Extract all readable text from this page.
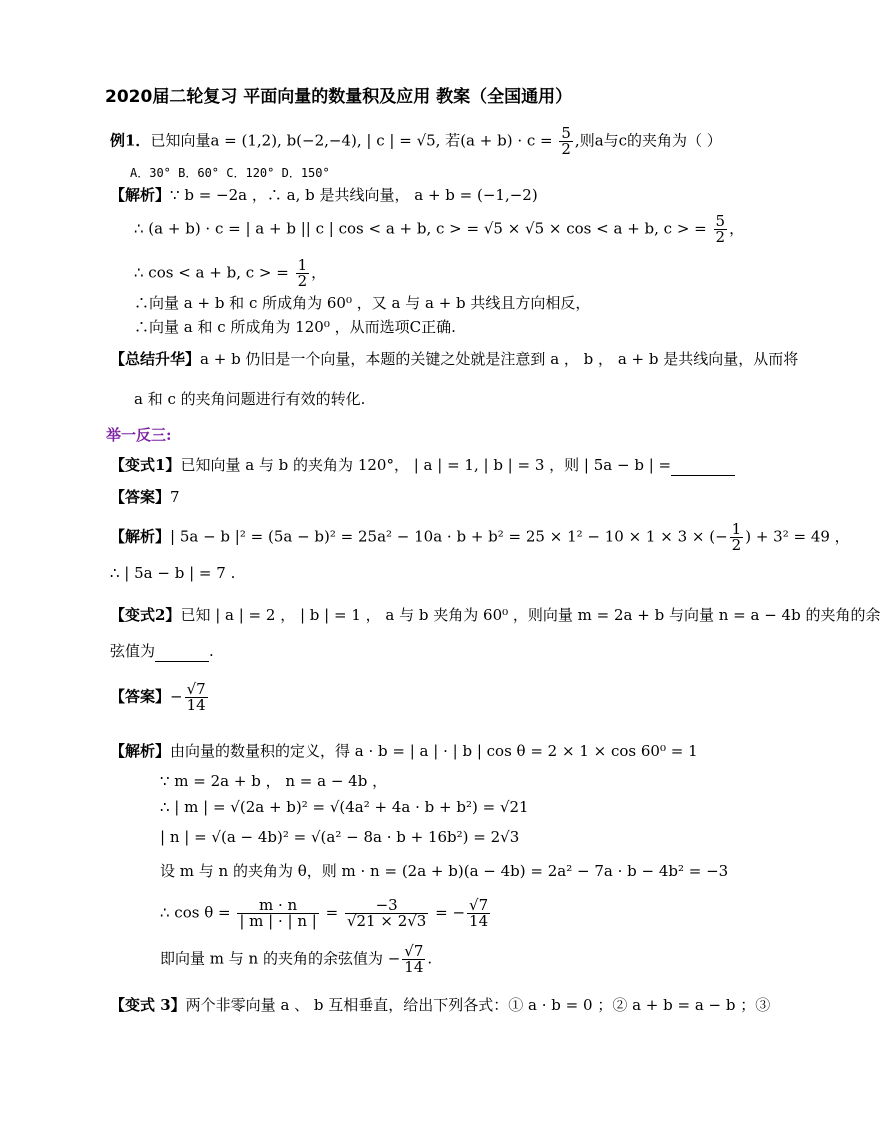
2020届二轮复习 平面向量的数量积及应用 教案（全国通用）
例1．已知向量a = (1,2), b(−2,−4), | c | = √5, 若$(a + b) \cdot c = \frac{5}{2}$ ,则a与c的夹角为（ ）
A．30° B．60° C．120° D．150°
【解析】∵ b = −2a ，∴ a, b 是共线向量， a + b = (−1,−2)
∴ (a + b) · c = | a + b || c | cos < a + b, c > = √5 × √5 × cos < a + b, c > = $\frac{5}{2}$ ，
∴ cos < a + b, c > = $\frac{1}{2}$ ，
∴向量 a + b 和 c 所成角为 60⁰ ，又 a 与 a + b 共线且方向相反，
∴向量 a 和 c 所成角为 120⁰ ，从而选项C正确.
【总结升华】a + b 仍旧是一个向量，本题的关键之处就是注意到 a ， b ， a + b 是共线向量，从而将
a 和 c 的夹角问题进行有效的转化.
举一反三:
【变式1】已知向量 a 与 b 的夹角为 120°， | a | = 1, | b | = 3 ，则 | 5a − b | =
【答案】7
【解析】| 5a − b |² = (5a − b)² = 25a² − 10a · b + b² = 25 × 1² − 10 × 1 × 3 × (− $\frac{1}{2}$ ) + 3² = 49 ，
∴ | 5a − b | = 7 .
【变式2】已知 | a | = 2 ， | b | = 1 ， a 与 b 夹角为 60⁰ ，则向量 m = 2a + b 与向量 n = a − 4b 的夹角的余
弦值为	.
【答案】− $\frac{√7}{14}$
【解析】由向量的数量积的定义，得 a · b = | a | · | b | cos θ = 2 × 1 × cos 60⁰ = 1
∵ m = 2a + b ， n = a − 4b ，
∴ | m | = √(2a + b)² = √(4a² + 4a · b + b²) = √21
| n | = √(a − 4b)² = √(a² − 8a · b + 16b²) = 2√3
设 m 与 n 的夹角为 θ，则 m · n = (2a + b)(a − 4b) = 2a² − 7a · b − 4b² = −3
∴ $\cos \theta = \frac{m \cdot n}{| m | \cdot | n |} = \frac{-3}{√21 \times 2√3}$ = − $\frac{√7}{14}$
即向量 m 与 n 的夹角的余弦值为 − $\frac{√7}{14}$ .
【变式 3】两个非零向量 a 、 b 互相垂直，给出下列各式：① a · b = 0 ；② a + b = a − b ；③
